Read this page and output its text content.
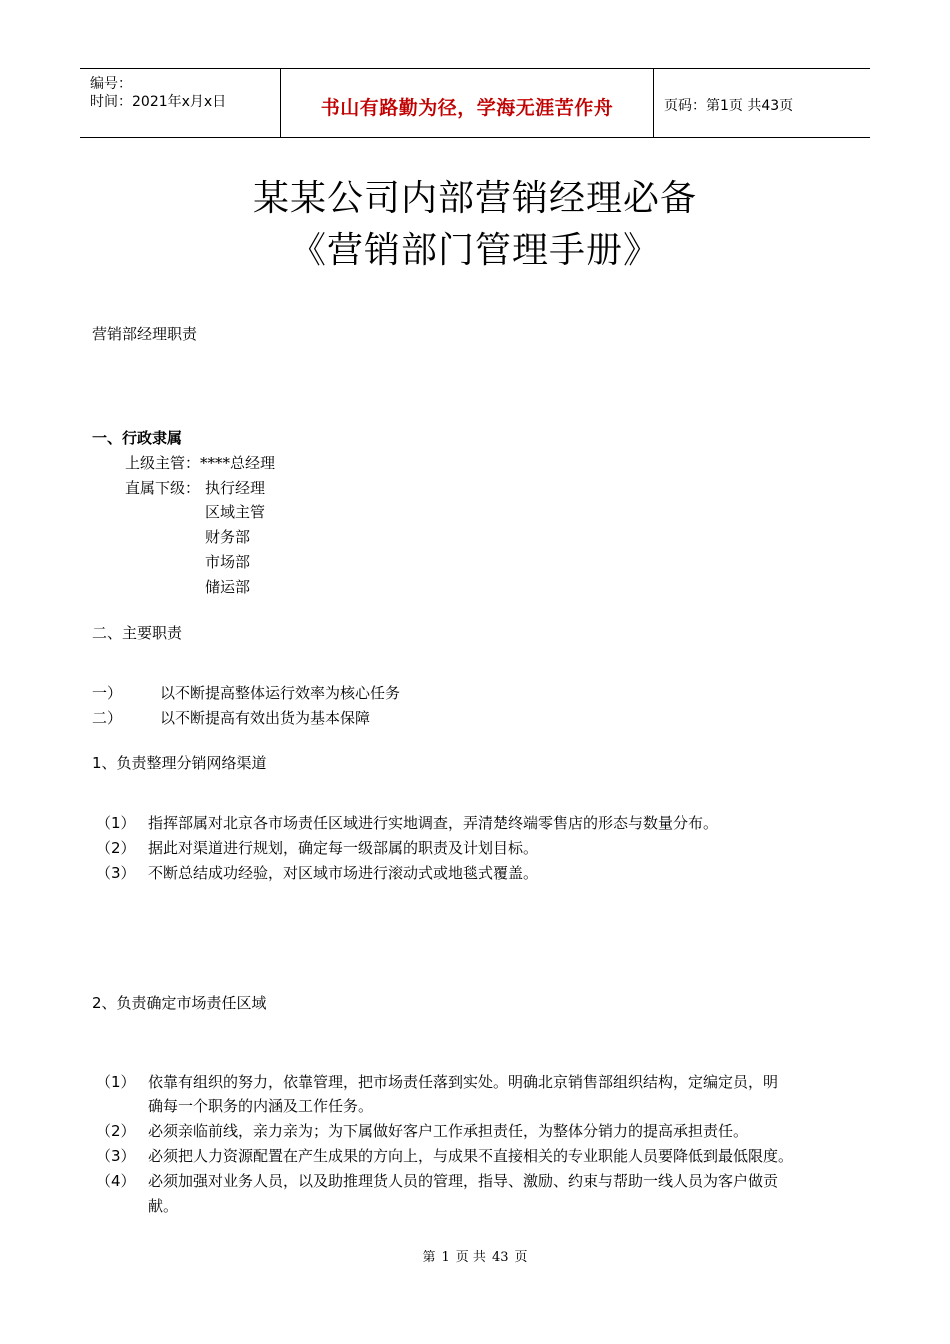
编号：
时间：2021年x月x日	书山有路勤为径，学海无涯苦作舟	页码：第1页 共43页
某某公司内部营销经理必备
《营销部门管理手册》
营销部经理职责
一、行政隶属
上级主管：****总经理
直属下级： 执行经理
区域主管
财务部
市场部
储运部
二、主要职责
一）	以不断提高整体运行效率为核心任务
二）	以不断提高有效出货为基本保障
1、负责整理分销网络渠道
（1） 指挥部属对北京各市场责任区域进行实地调查，弄清楚终端零售店的形态与数量分布。
（2） 据此对渠道进行规划，确定每一级部属的职责及计划目标。
（3） 不断总结成功经验，对区域市场进行滚动式或地毯式覆盖。
2、负责确定市场责任区域
（1） 依靠有组织的努力，依靠管理，把市场责任落到实处。明确北京销售部组织结构，定编定员，明
确每一个职务的内涵及工作任务。
（2） 必须亲临前线，亲力亲为；为下属做好客户工作承担责任，为整体分销力的提高承担责任。
（3） 必须把人力资源配置在产生成果的方向上，与成果不直接相关的专业职能人员要降低到最低限度。
（4） 必须加强对业务人员，以及助推理货人员的管理，指导、激励、约束与帮助一线人员为客户做贡
献。
第 1 页 共 43 页
